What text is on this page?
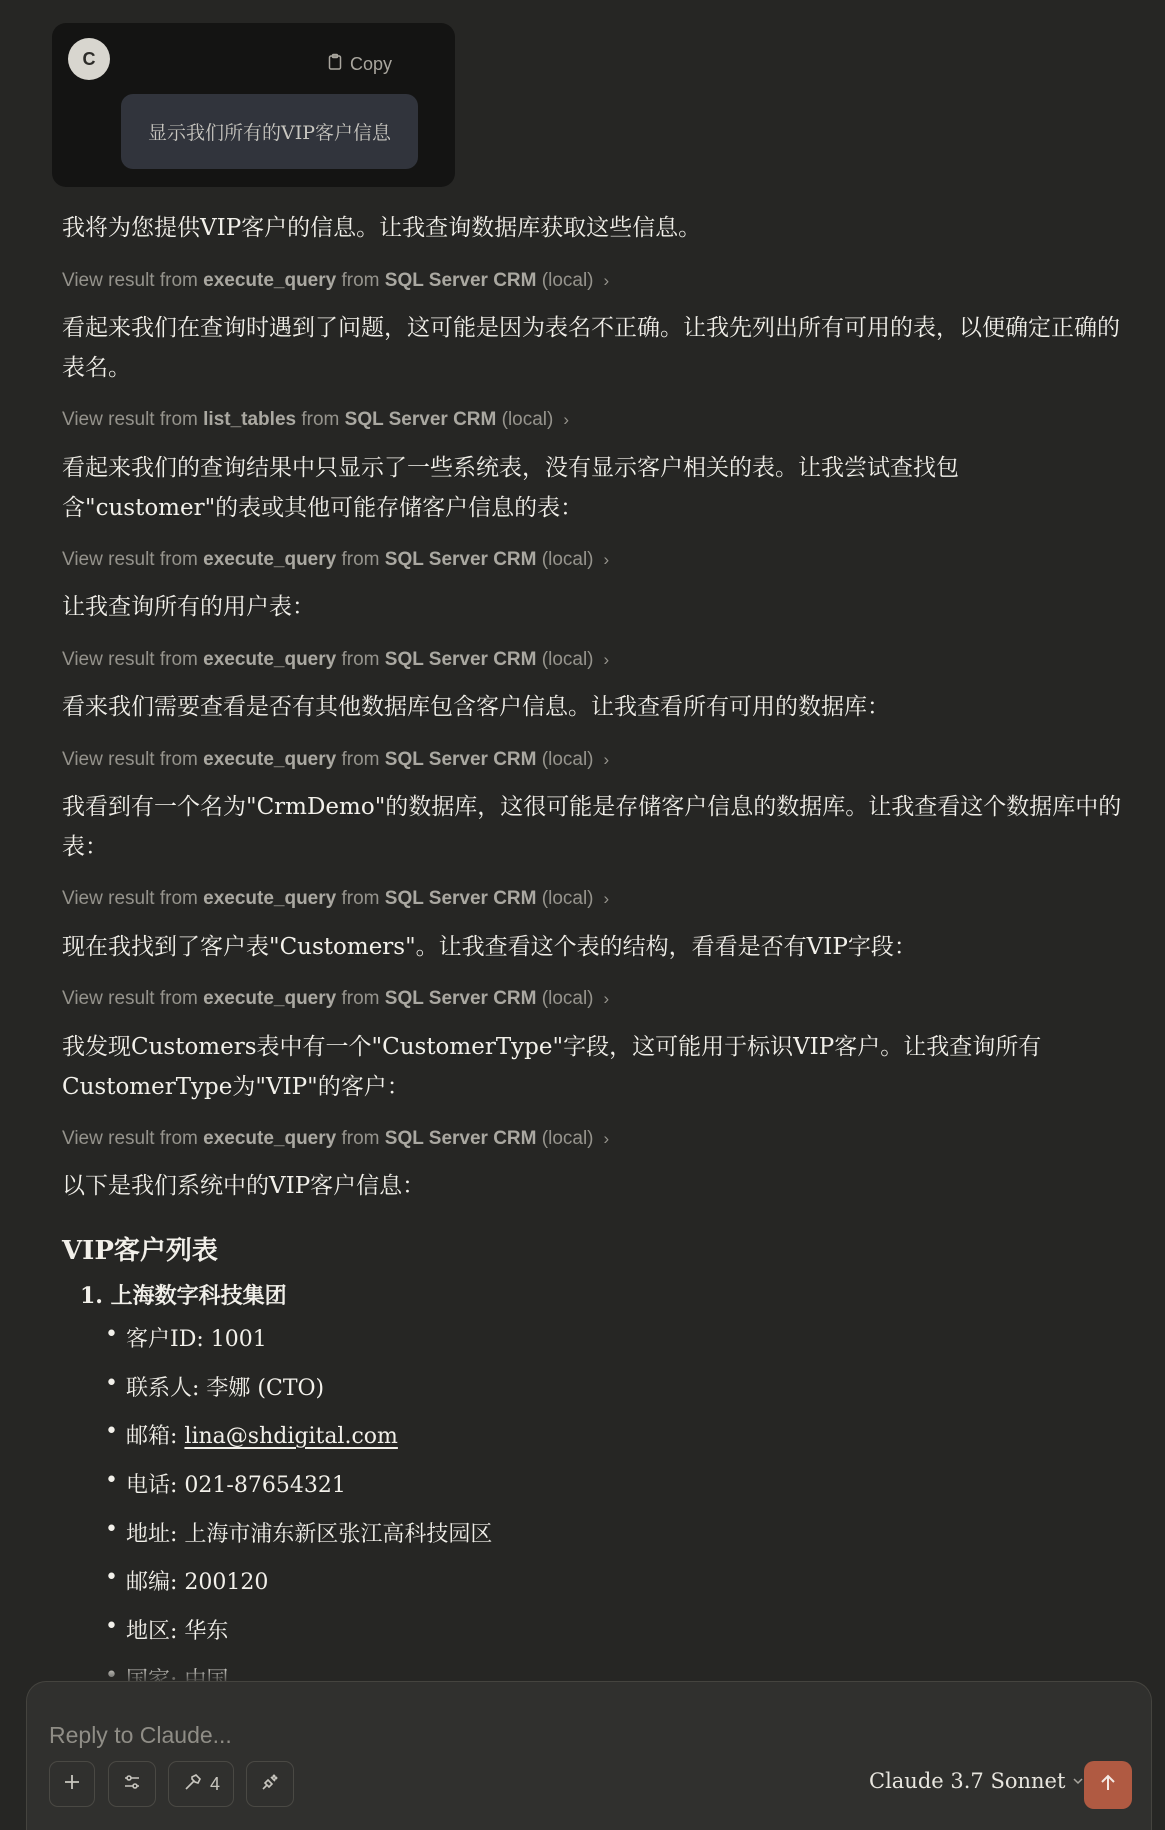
C	Copy
显示我们所有的VIP客户信息
我将为您提供VIP客户的信息。让我查询数据库获取这些信息。
View result from
execute_query
from
SQL Server CRM
(local) ›
看起来我们在查询时遇到了问题，这可能是因为表名不正确。让我先列出所有可用的表，以便确定正确的表名。
View result from
list_tables
from
SQL Server CRM
(local) ›
看起来我们的查询结果中只显示了一些系统表，没有显示客户相关的表。让我尝试查找包含"customer"的表或其他可能存储客户信息的表：
View result from
execute_query
from
SQL Server CRM
(local) ›
让我查询所有的用户表：
View result from
execute_query
from
SQL Server CRM
(local) ›
看来我们需要查看是否有其他数据库包含客户信息。让我查看所有可用的数据库：
View result from
execute_query
from
SQL Server CRM
(local) ›
我看到有一个名为"CrmDemo"的数据库，这很可能是存储客户信息的数据库。让我查看这个数据库中的表：
View result from
execute_query
from
SQL Server CRM
(local) ›
现在我找到了客户表"Customers"。让我查看这个表的结构，看看是否有VIP字段：
View result from
execute_query
from
SQL Server CRM
(local) ›
我发现Customers表中有一个"CustomerType"字段，这可能用于标识VIP客户。让我查询所有CustomerType为"VIP"的客户：
View result from
execute_query
from
SQL Server CRM
(local) ›
以下是我们系统中的VIP客户信息：
VIP客户列表
1. 上海数字科技集团
• 客户ID: 1001
• 联系人: 李娜 (CTO)
• 邮箱: lina@shdigital.com
• 电话: 021-87654321
• 地址: 上海市浦东新区张江高科技园区
• 邮编: 200120
• 地区: 华东
•
Reply to Claude...
4	Claude 3.7 Sonnet
